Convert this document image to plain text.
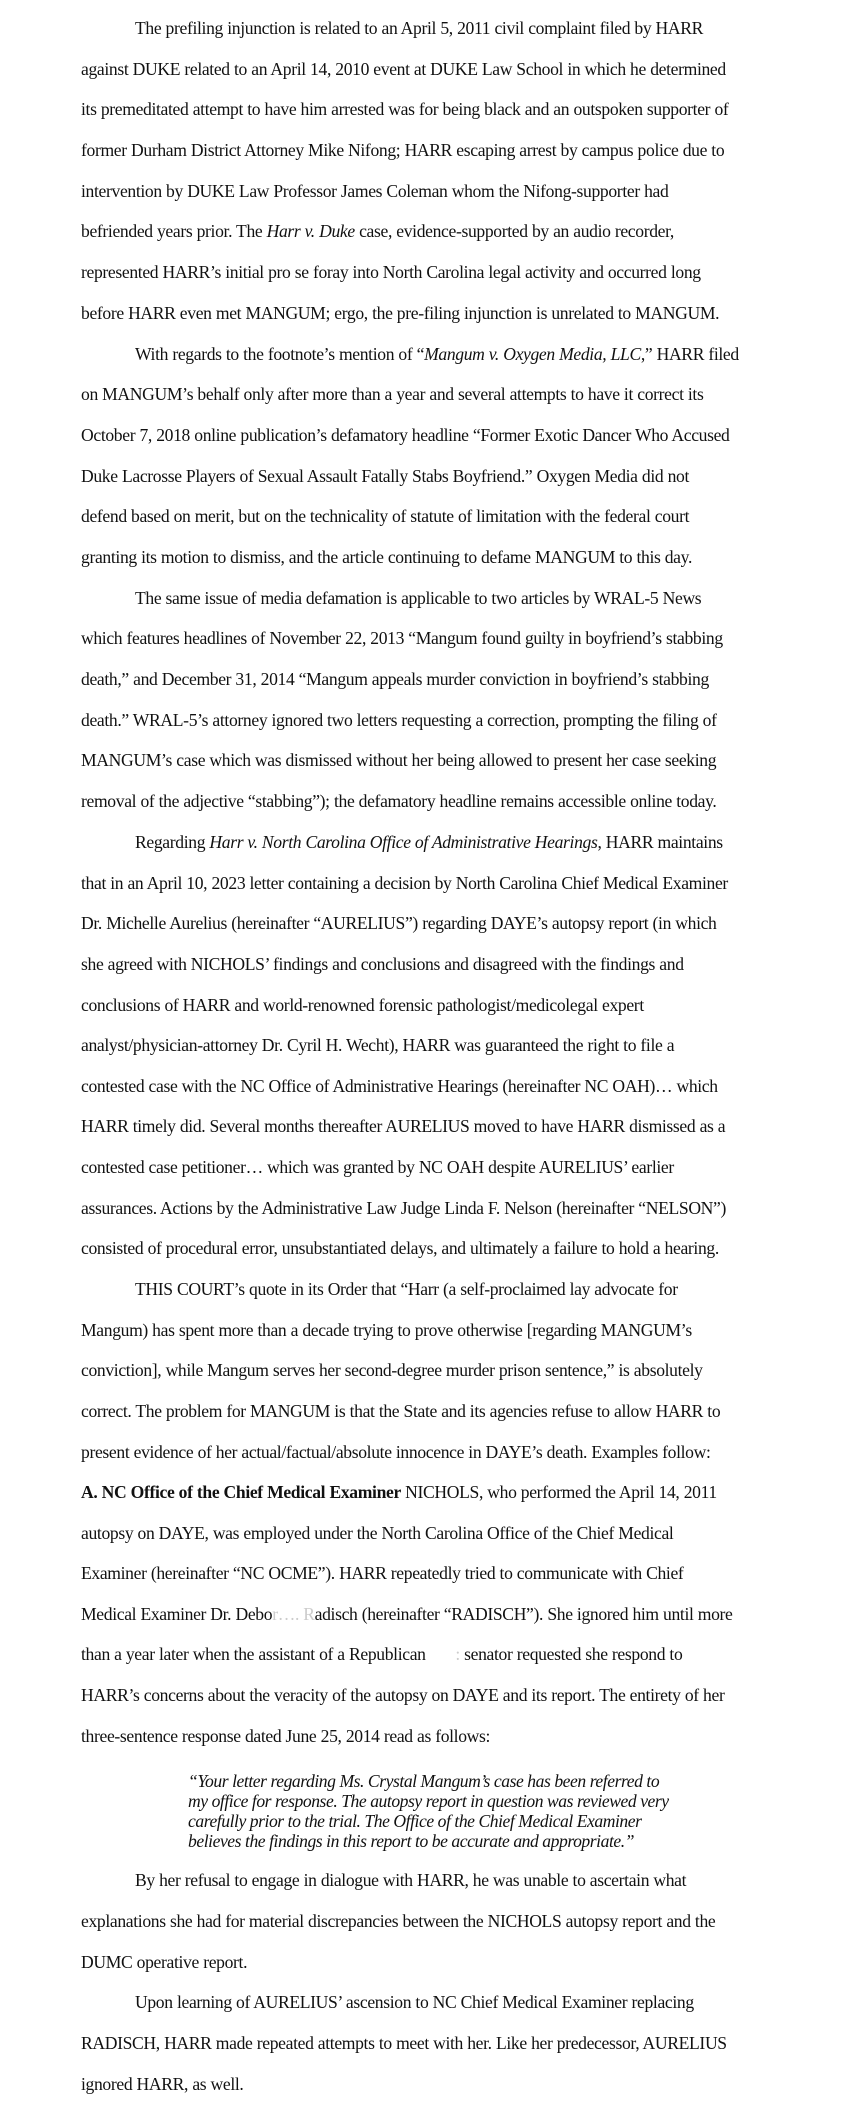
The prefiling injunction is related to an April 5, 2011 civil complaint filed by HARR
against DUKE related to an April 14, 2010 event at DUKE Law School in which he determined
its premeditated attempt to have him arrested was for being black and an outspoken supporter of
former Durham District Attorney Mike Nifong; HARR escaping arrest by campus police due to
intervention by DUKE Law Professor James Coleman whom the Nifong-supporter had
befriended years prior. The Harr v. Duke case, evidence-supported by an audio recorder,
represented HARR’s initial pro se foray into North Carolina legal activity and occurred long
before HARR even met MANGUM; ergo, the pre-filing injunction is unrelated to MANGUM.
With regards to the footnote’s mention of “Mangum v. Oxygen Media, LLC,” HARR filed
on MANGUM’s behalf only after more than a year and several attempts to have it correct its
October 7, 2018 online publication’s defamatory headline “Former Exotic Dancer Who Accused
Duke Lacrosse Players of Sexual Assault Fatally Stabs Boyfriend.” Oxygen Media did not
defend based on merit, but on the technicality of statute of limitation with the federal court
granting its motion to dismiss, and the article continuing to defame MANGUM to this day.
The same issue of media defamation is applicable to two articles by WRAL-5 News
which features headlines of November 22, 2013 “Mangum found guilty in boyfriend’s stabbing
death,” and December 31, 2014 “Mangum appeals murder conviction in boyfriend’s stabbing
death.” WRAL-5’s attorney ignored two letters requesting a correction, prompting the filing of
MANGUM’s case which was dismissed without her being allowed to present her case seeking
removal of the adjective “stabbing”); the defamatory headline remains accessible online today.
Regarding Harr v. North Carolina Office of Administrative Hearings, HARR maintains
that in an April 10, 2023 letter containing a decision by North Carolina Chief Medical Examiner
Dr. Michelle Aurelius (hereinafter “AURELIUS”) regarding DAYE’s autopsy report (in which
she agreed with NICHOLS’ findings and conclusions and disagreed with the findings and
conclusions of HARR and world-renowned forensic pathologist/medicolegal expert
analyst/physician-attorney Dr. Cyril H. Wecht), HARR was guaranteed the right to file a
contested case with the NC Office of Administrative Hearings (hereinafter NC OAH)… which
HARR timely did. Several months thereafter AURELIUS moved to have HARR dismissed as a
contested case petitioner… which was granted by NC OAH despite AURELIUS’ earlier
assurances. Actions by the Administrative Law Judge Linda F. Nelson (hereinafter “NELSON”)
consisted of procedural error, unsubstantiated delays, and ultimately a failure to hold a hearing.
THIS COURT’s quote in its Order that “Harr (a self-proclaimed lay advocate for
Mangum) has spent more than a decade trying to prove otherwise [regarding MANGUM’s
conviction], while Mangum serves her second-degree murder prison sentence,” is absolutely
correct. The problem for MANGUM is that the State and its agencies refuse to allow HARR to
present evidence of her actual/factual/absolute innocence in DAYE’s death. Examples follow:
A. NC Office of the Chief Medical Examiner NICHOLS, who performed the April 14, 2011
autopsy on DAYE, was employed under the North Carolina Office of the Chief Medical
Examiner (hereinafter “NC OCME”). HARR repeatedly tried to communicate with Chief
Medical Examiner Dr. Debor…. Radisch (hereinafter “RADISCH”). She ignored him until more
than a year later when the assistant of a Republican       : senator requested she respond to
HARR’s concerns about the veracity of the autopsy on DAYE and its report. The entirety of her
three-sentence response dated June 25, 2014 read as follows:
“Your letter regarding Ms. Crystal Mangum’s case has been referred to
my office for response. The autopsy report in question was reviewed very
carefully prior to the trial. The Office of the Chief Medical Examiner
believes the findings in this report to be accurate and appropriate.”
By her refusal to engage in dialogue with HARR, he was unable to ascertain what
explanations she had for material discrepancies between the NICHOLS autopsy report and the
DUMC operative report.
Upon learning of AURELIUS’ ascension to NC Chief Medical Examiner replacing
RADISCH, HARR made repeated attempts to meet with her. Like her predecessor, AURELIUS
ignored HARR, as well.
